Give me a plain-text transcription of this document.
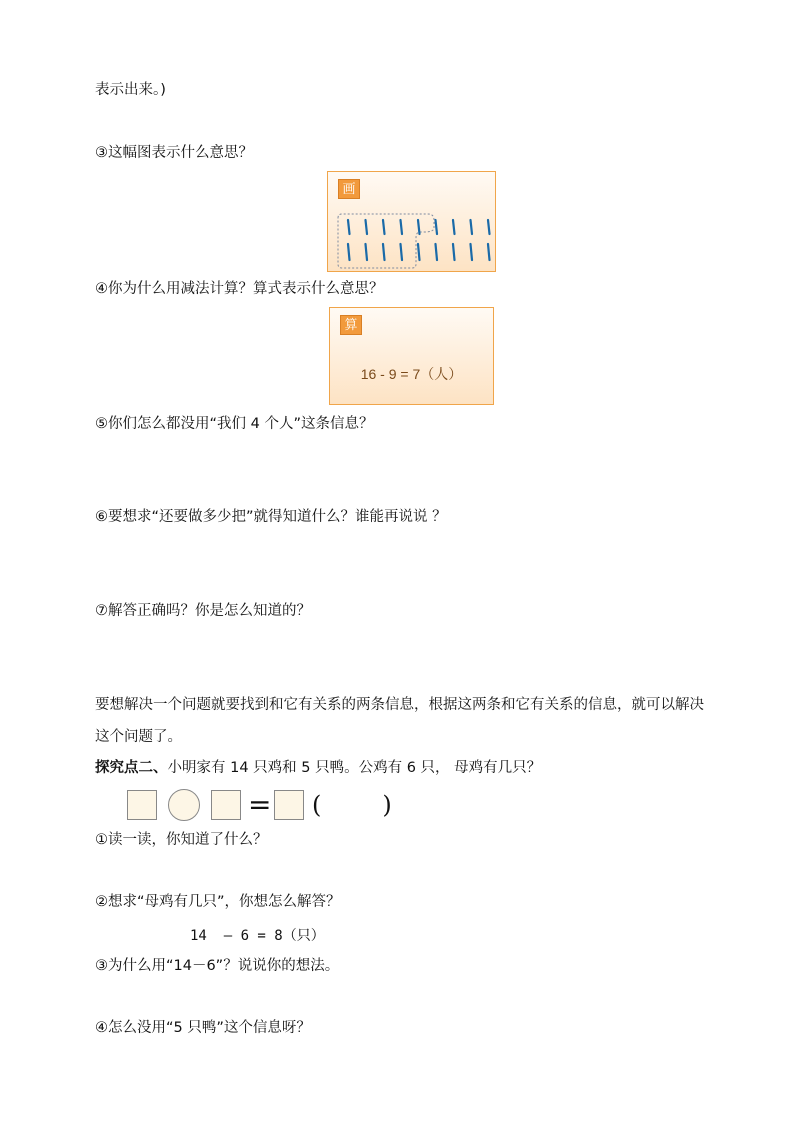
表示出来。)
③这幅图表示什么意思？
画
④你为什么用减法计算？算式表示什么意思？
算
16 - 9 = 7（人）
⑤你们怎么都没用“我们 4 个人”这条信息？
⑥要想求“还要做多少把”就得知道什么？谁能再说说 ？
⑦解答正确吗？你是怎么知道的？
要想解决一个问题就要找到和它有关系的两条信息，根据这两条和它有关系的信息，就可以解决这个问题了。
探究点二、小明家有 14 只鸡和 5 只鸭。公鸡有 6 只， 母鸡有几只？
= (        )
①读一读，你知道了什么？
②想求“母鸡有几只”，你想怎么解答？
14  – 6 = 8（只）
③为什么用“14－6”？说说你的想法。
④怎么没用“5 只鸭”这个信息呀？
